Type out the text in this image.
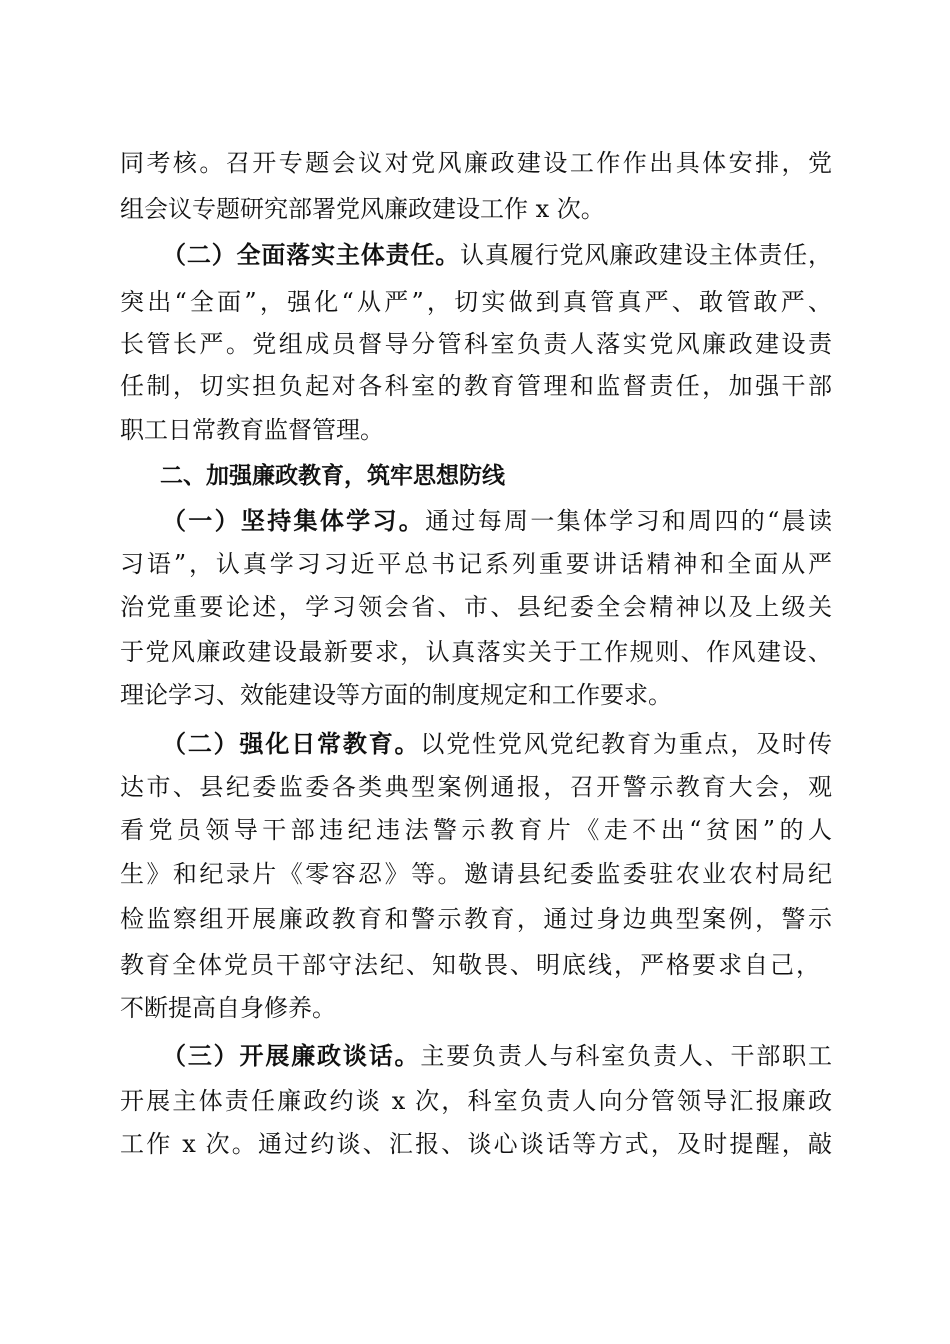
同考核。召开专题会议对党风廉政建设工作作出具体安排，党
组会议专题研究部署党风廉政建设工作 x 次。
（二）全面落实主体责任。认真履行党风廉政建设主体责任，
突出“全面”，强化“从严”，切实做到真管真严、敢管敢严、
长管长严。党组成员督导分管科室负责人落实党风廉政建设责
任制，切实担负起对各科室的教育管理和监督责任，加强干部
职工日常教育监督管理。
二、加强廉政教育，筑牢思想防线
（一）坚持集体学习。通过每周一集体学习和周四的“晨读
习语”，认真学习习近平总书记系列重要讲话精神和全面从严
治党重要论述，学习领会省、市、县纪委全会精神以及上级关
于党风廉政建设最新要求，认真落实关于工作规则、作风建设、
理论学习、效能建设等方面的制度规定和工作要求。
（二）强化日常教育。以党性党风党纪教育为重点，及时传
达市、县纪委监委各类典型案例通报，召开警示教育大会，观
看党员领导干部违纪违法警示教育片《走不出“贫困”的人
生》和纪录片《零容忍》等。邀请县纪委监委驻农业农村局纪
检监察组开展廉政教育和警示教育，通过身边典型案例，警示
教育全体党员干部守法纪、知敬畏、明底线，严格要求自己，
不断提高自身修养。
（三）开展廉政谈话。主要负责人与科室负责人、干部职工
开展主体责任廉政约谈 x 次，科室负责人向分管领导汇报廉政
工作 x 次。通过约谈、汇报、谈心谈话等方式，及时提醒，敲
